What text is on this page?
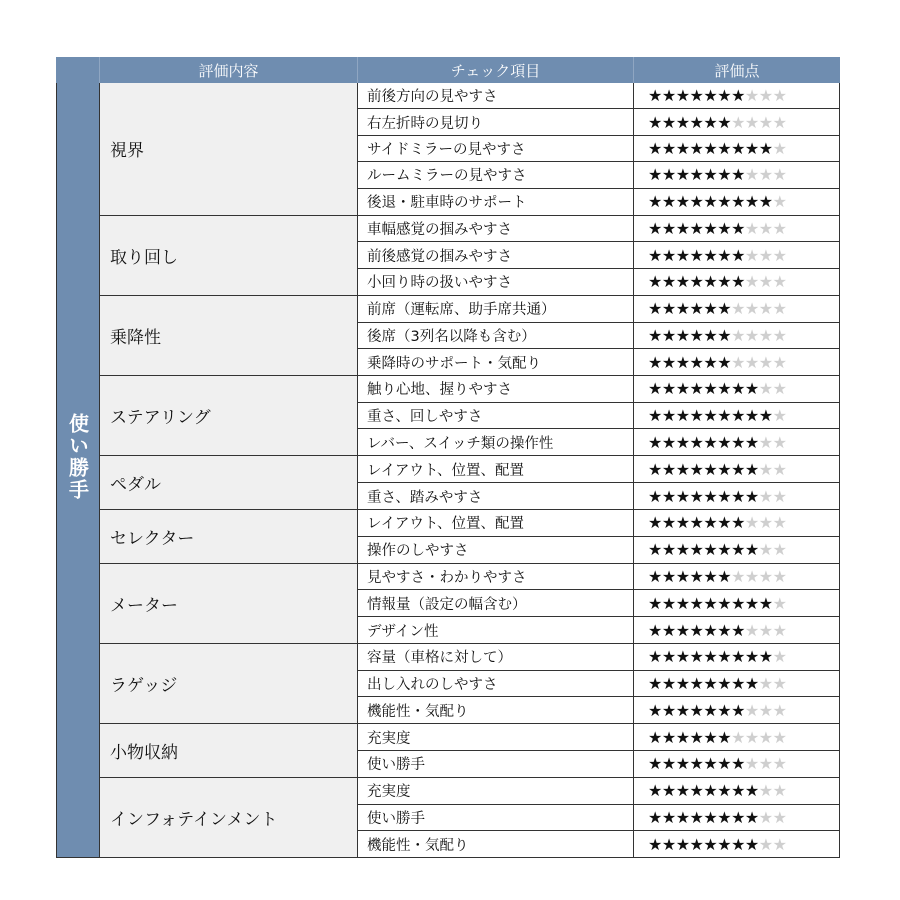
評価内容	チェック項目	評価点
使い勝手
視界
前後方向の見やすさ	★ ★ ★ ★ ★ ★ ★ ★ ★ ★
右左折時の見切り	★ ★ ★ ★ ★ ★ ★ ★ ★ ★
サイドミラーの見やすさ	★ ★ ★ ★ ★ ★ ★ ★ ★ ★
ルームミラーの見やすさ	★ ★ ★ ★ ★ ★ ★ ★ ★ ★
後退・駐車時のサポート	★ ★ ★ ★ ★ ★ ★ ★ ★ ★
取り回し
車幅感覚の掴みやすさ	★ ★ ★ ★ ★ ★ ★ ★ ★ ★
前後感覚の掴みやすさ	★ ★ ★ ★ ★ ★ ★ ★ ★ ★
小回り時の扱いやすさ	★ ★ ★ ★ ★ ★ ★ ★ ★ ★
乗降性
前席（運転席、助手席共通）	★ ★ ★ ★ ★ ★ ★ ★ ★ ★
後席（3列名以降も含む）	★ ★ ★ ★ ★ ★ ★ ★ ★ ★
乗降時のサポート・気配り	★ ★ ★ ★ ★ ★ ★ ★ ★ ★
ステアリング
触り心地、握りやすさ	★ ★ ★ ★ ★ ★ ★ ★ ★ ★
重さ、回しやすさ	★ ★ ★ ★ ★ ★ ★ ★ ★ ★
レバー、スイッチ類の操作性	★ ★ ★ ★ ★ ★ ★ ★ ★ ★
ペダル
レイアウト、位置、配置	★ ★ ★ ★ ★ ★ ★ ★ ★ ★
重さ、踏みやすさ	★ ★ ★ ★ ★ ★ ★ ★ ★ ★
セレクター
レイアウト、位置、配置	★ ★ ★ ★ ★ ★ ★ ★ ★ ★
操作のしやすさ	★ ★ ★ ★ ★ ★ ★ ★ ★ ★
メーター
見やすさ・わかりやすさ	★ ★ ★ ★ ★ ★ ★ ★ ★ ★
情報量（設定の幅含む）	★ ★ ★ ★ ★ ★ ★ ★ ★ ★
デザイン性	★ ★ ★ ★ ★ ★ ★ ★ ★ ★
ラゲッジ
容量（車格に対して）	★ ★ ★ ★ ★ ★ ★ ★ ★ ★
出し入れのしやすさ	★ ★ ★ ★ ★ ★ ★ ★ ★ ★
機能性・気配り	★ ★ ★ ★ ★ ★ ★ ★ ★ ★
小物収納
充実度	★ ★ ★ ★ ★ ★ ★ ★ ★ ★
使い勝手	★ ★ ★ ★ ★ ★ ★ ★ ★ ★
インフォテインメント
充実度	★ ★ ★ ★ ★ ★ ★ ★ ★ ★
使い勝手	★ ★ ★ ★ ★ ★ ★ ★ ★ ★
機能性・気配り	★ ★ ★ ★ ★ ★ ★ ★ ★ ★
